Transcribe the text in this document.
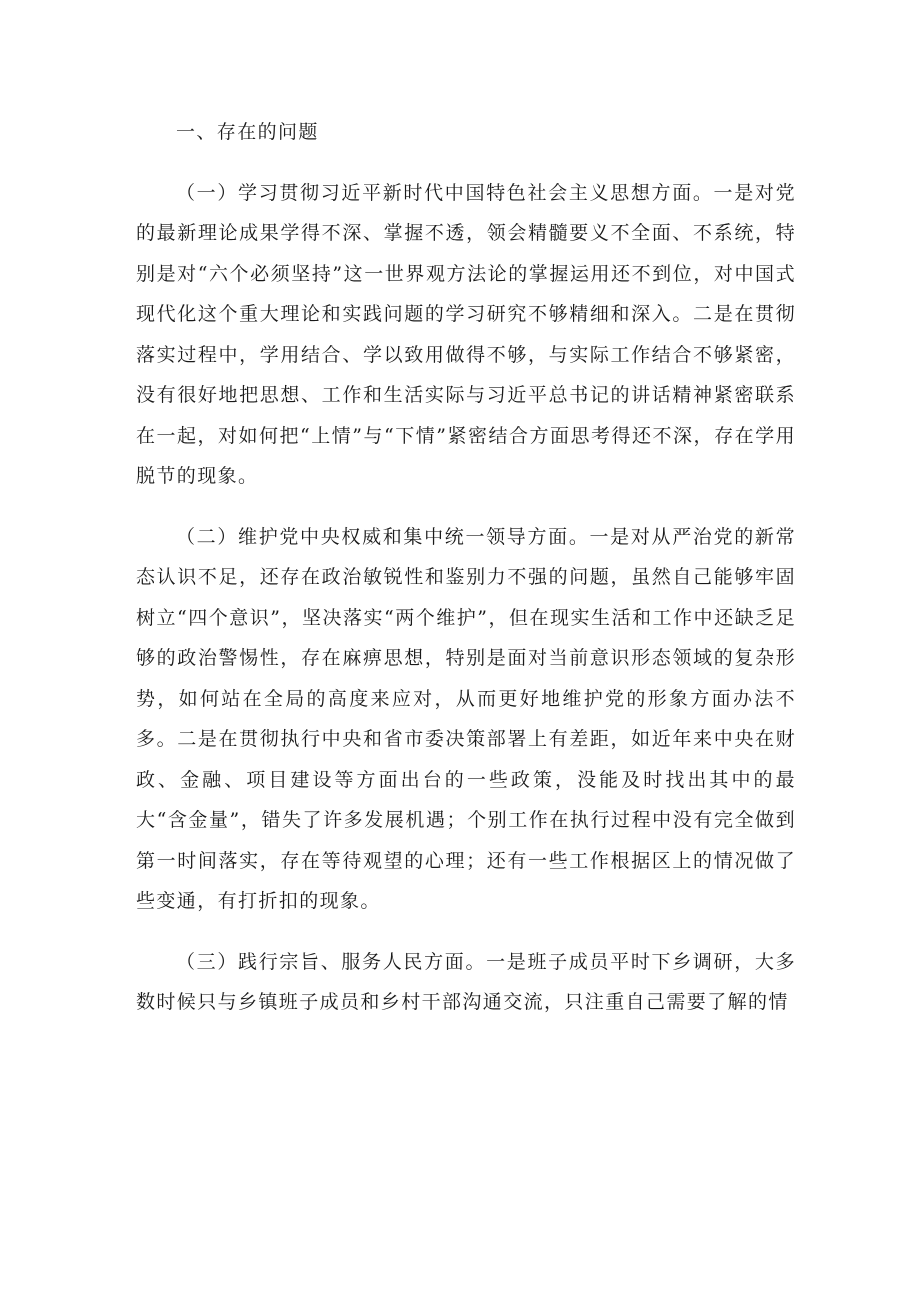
一、存在的问题

（一）学习贯彻习近平新时代中国特色社会主义思想方面。一是对党的最新理论成果学得不深、掌握不透，领会精髓要义不全面、不系统，特别是对“六个必须坚持”这一世界观方法论的掌握运用还不到位，对中国式现代化这个重大理论和实践问题的学习研究不够精细和深入。二是在贯彻落实过程中，学用结合、学以致用做得不够，与实际工作结合不够紧密，没有很好地把思想、工作和生活实际与习近平总书记的讲话精神紧密联系在一起，对如何把“上情”与“下情”紧密结合方面思考得还不深，存在学用脱节的现象。

（二）维护党中央权威和集中统一领导方面。一是对从严治党的新常态认识不足，还存在政治敏锐性和鉴别力不强的问题，虽然自己能够牢固树立“四个意识”，坚决落实“两个维护”，但在现实生活和工作中还缺乏足够的政治警惕性，存在麻痹思想，特别是面对当前意识形态领域的复杂形势，如何站在全局的高度来应对，从而更好地维护党的形象方面办法不多。二是在贯彻执行中央和省市委决策部署上有差距，如近年来中央在财政、金融、项目建设等方面出台的一些政策，没能及时找出其中的最大“含金量”，错失了许多发展机遇；个别工作在执行过程中没有完全做到第一时间落实，存在等待观望的心理；还有一些工作根据区上的情况做了些变通，有打折扣的现象。

（三）践行宗旨、服务人民方面。一是班子成员平时下乡调研，大多数时候只与乡镇班子成员和乡村干部沟通交流，只注重自己需要了解的情
